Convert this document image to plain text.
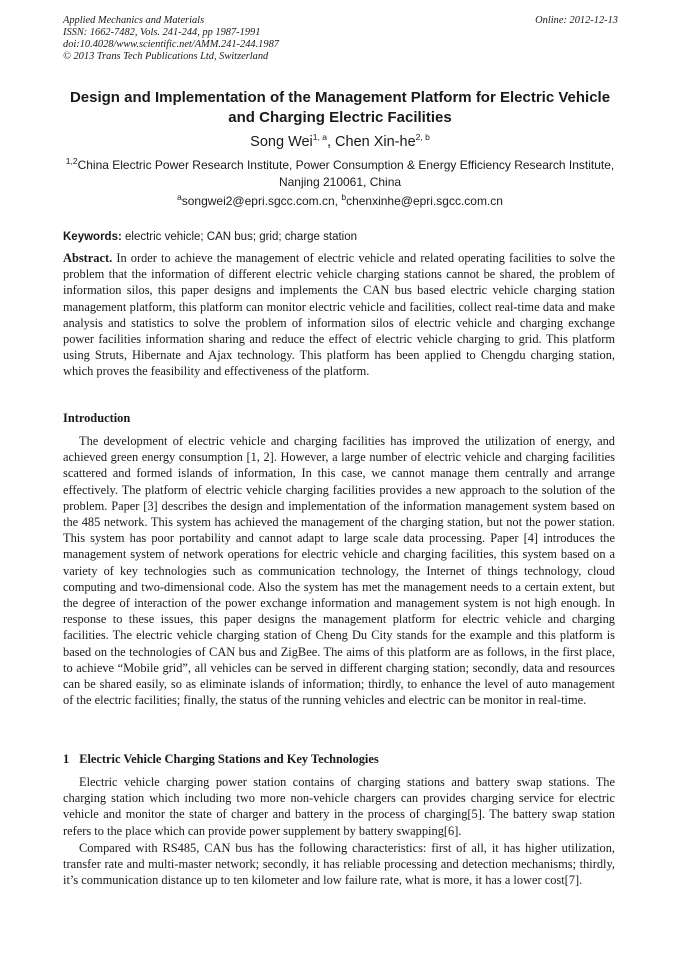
Applied Mechanics and Materials
ISSN: 1662-7482, Vols. 241-244, pp 1987-1991
doi:10.4028/www.scientific.net/AMM.241-244.1987
© 2013 Trans Tech Publications Ltd, Switzerland
Online: 2012-12-13
Design and Implementation of the Management Platform for Electric Vehicle and Charging Electric Facilities
Song Wei$^{1, a}$, Chen Xin-he$^{2, b}$
$^{1,2}$China Electric Power Research Institute, Power Consumption & Energy Efficiency Research Institute, Nanjing 210061, China
$^a$songwei2@epri.sgcc.com.cn, $^b$chenxinhe@epri.sgcc.com.cn
Keywords: electric vehicle; CAN bus; grid; charge station
Abstract. In order to achieve the management of electric vehicle and related operating facilities to solve the problem that the information of different electric vehicle charging stations cannot be shared, the problem of information silos, this paper designs and implements the CAN bus based electric vehicle charging station management platform, this platform can monitor electric vehicle and facilities, collect real-time data and make analysis and statistics to solve the problem of information silos of electric vehicle and charging exchange power facilities information sharing and reduce the effect of electric vehicle charging to grid. This platform using Struts, Hibernate and Ajax technology. This platform has been applied to Chengdu charging station, which proves the feasibility and effectiveness of the platform.
Introduction
The development of electric vehicle and charging facilities has improved the utilization of energy, and achieved green energy consumption [1, 2]. However, a large number of electric vehicle and charging facilities scattered and formed islands of information, In this case, we cannot manage them centrally and arrange effectively. The platform of electric vehicle charging facilities provides a new approach to the solution of the problem. Paper [3] describes the design and implementation of the information management system based on the 485 network. This system has achieved the management of the charging station, but not the power station. This system has poor portability and cannot adapt to large scale data processing. Paper [4] introduces the management system of network operations for electric vehicle and charging facilities, this system based on a variety of key technologies such as communication technology, the Internet of things technology, cloud computing and two-dimensional code. Also the system has met the management needs to a certain extent, but the degree of interaction of the power exchange information and management system is not high enough. In response to these issues, this paper designs the management platform for electric vehicle and charging facilities. The electric vehicle charging station of Cheng Du City stands for the example and this platform is based on the technologies of CAN bus and ZigBee. The aims of this platform are as follows, in the first place, to achieve “Mobile grid”, all vehicles can be served in different charging station; secondly, data and resources can be shared easily, so as eliminate islands of information; thirdly, to enhance the level of auto management of the electric facilities; finally, the status of the running vehicles and electric can be monitor in real-time.
1 Electric Vehicle Charging Stations and Key Technologies
Electric vehicle charging power station contains of charging stations and battery swap stations. The charging station which including two more non-vehicle chargers can provides charging service for electric vehicle and monitor the state of charger and battery in the process of charging[5]. The battery swap station refers to the place which can provide power supplement by battery swapping[6].
Compared with RS485, CAN bus has the following characteristics: first of all, it has higher utilization, transfer rate and multi-master network; secondly, it has reliable processing and detection mechanisms; thirdly, it’s communication distance up to ten kilometer and low failure rate, what is more, it has a lower cost[7].
